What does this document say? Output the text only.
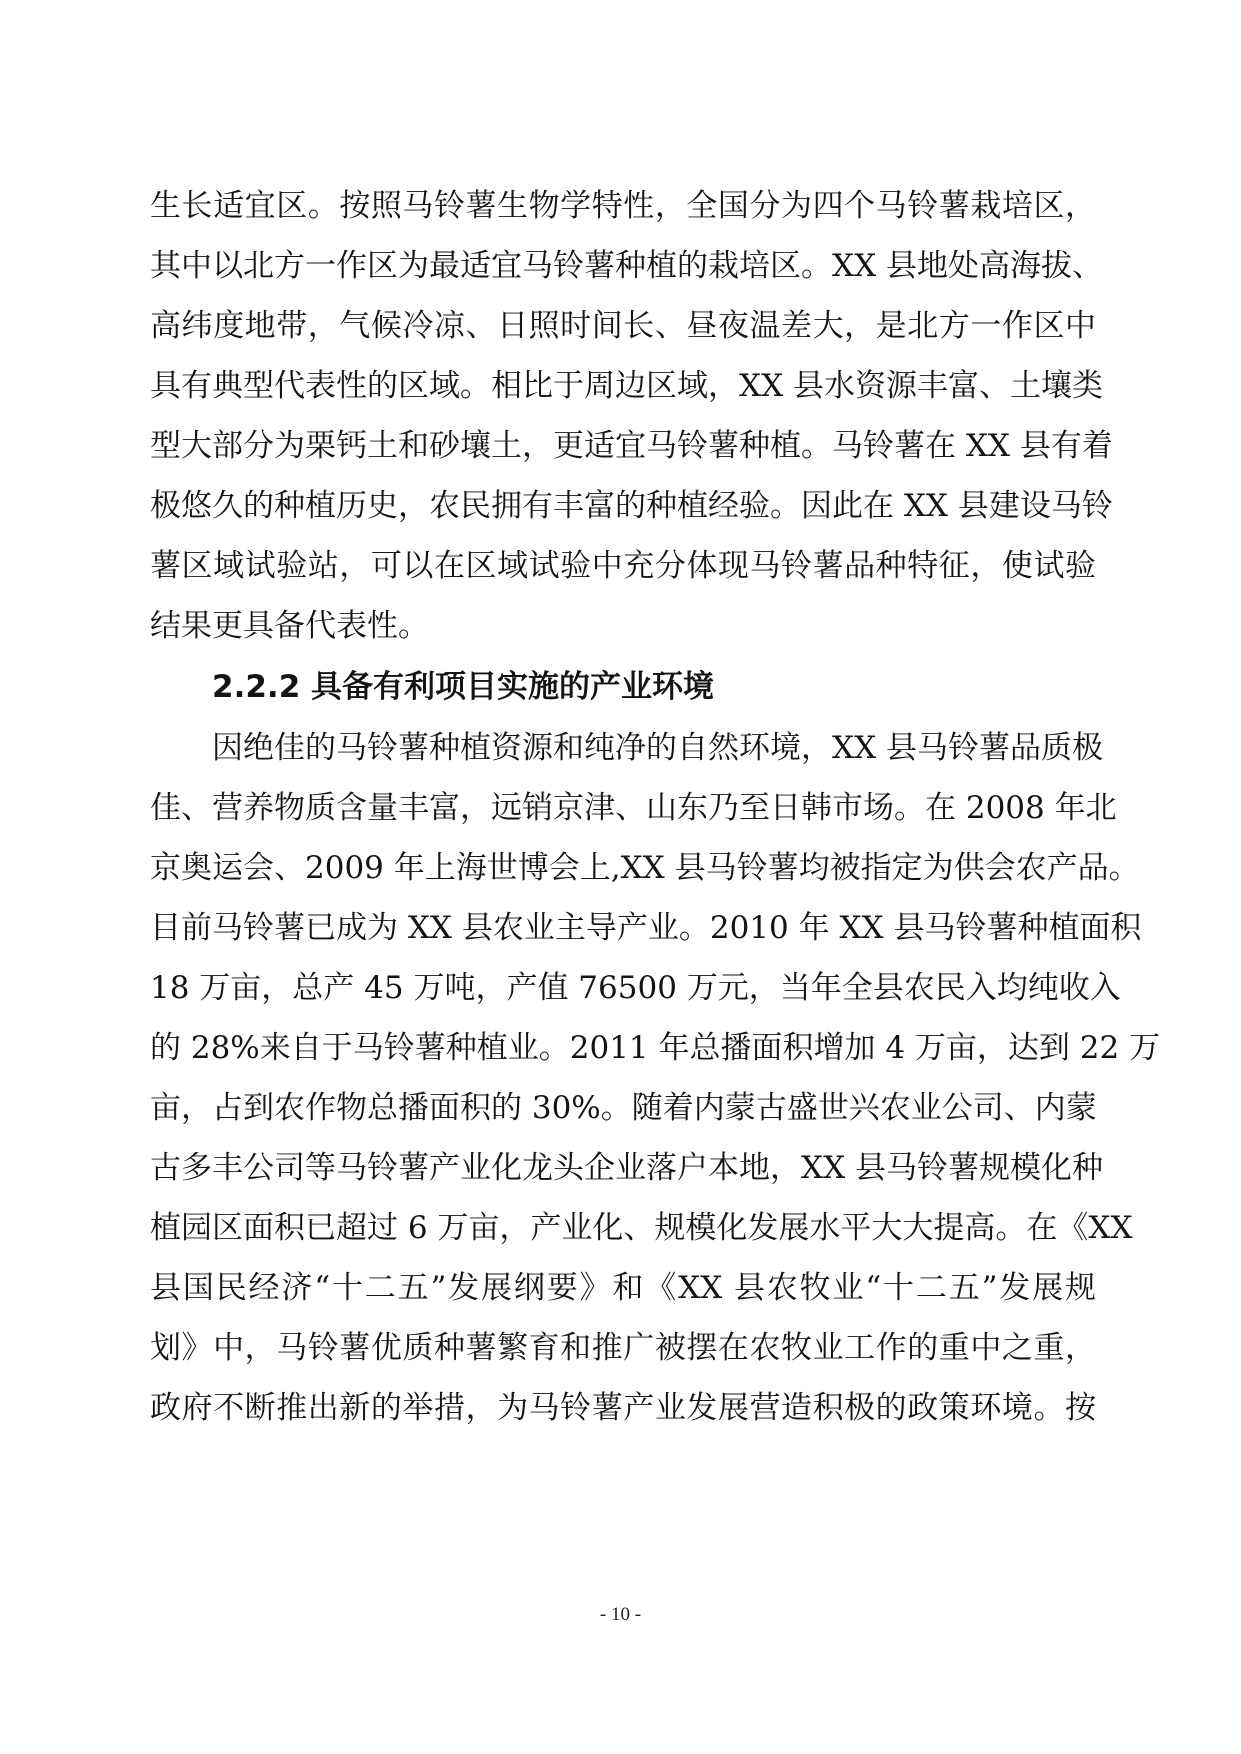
生长适宜区。按照马铃薯生物学特性，全国分为四个马铃薯栽培区，
其中以北方一作区为最适宜马铃薯种植的栽培区。XX 县地处高海拔、
高纬度地带，气候冷凉、日照时间长、昼夜温差大，是北方一作区中
具有典型代表性的区域。相比于周边区域，XX 县水资源丰富、土壤类
型大部分为栗钙土和砂壤土，更适宜马铃薯种植。马铃薯在 XX 县有着
极悠久的种植历史，农民拥有丰富的种植经验。因此在 XX 县建设马铃
薯区域试验站，可以在区域试验中充分体现马铃薯品种特征，使试验
结果更具备代表性。
2.2.2 具备有利项目实施的产业环境
因绝佳的马铃薯种植资源和纯净的自然环境，XX 县马铃薯品质极
佳、营养物质含量丰富，远销京津、山东乃至日韩市场。在 2008 年北
京奥运会、2009 年上海世博会上,XX 县马铃薯均被指定为供会农产品。
目前马铃薯已成为 XX 县农业主导产业。2010 年 XX 县马铃薯种植面积
18 万亩，总产 45 万吨，产值 76500 万元，当年全县农民入均纯收入
的 28%来自于马铃薯种植业。2011 年总播面积增加 4 万亩，达到 22 万
亩，占到农作物总播面积的 30%。随着内蒙古盛世兴农业公司、内蒙
古多丰公司等马铃薯产业化龙头企业落户本地，XX 县马铃薯规模化种
植园区面积已超过 6 万亩，产业化、规模化发展水平大大提高。在《XX
县国民经济“十二五”发展纲要》和《XX 县农牧业“十二五”发展规
划》中，马铃薯优质种薯繁育和推广被摆在农牧业工作的重中之重，
政府不断推出新的举措，为马铃薯产业发展营造积极的政策环境。按
- 10 -
